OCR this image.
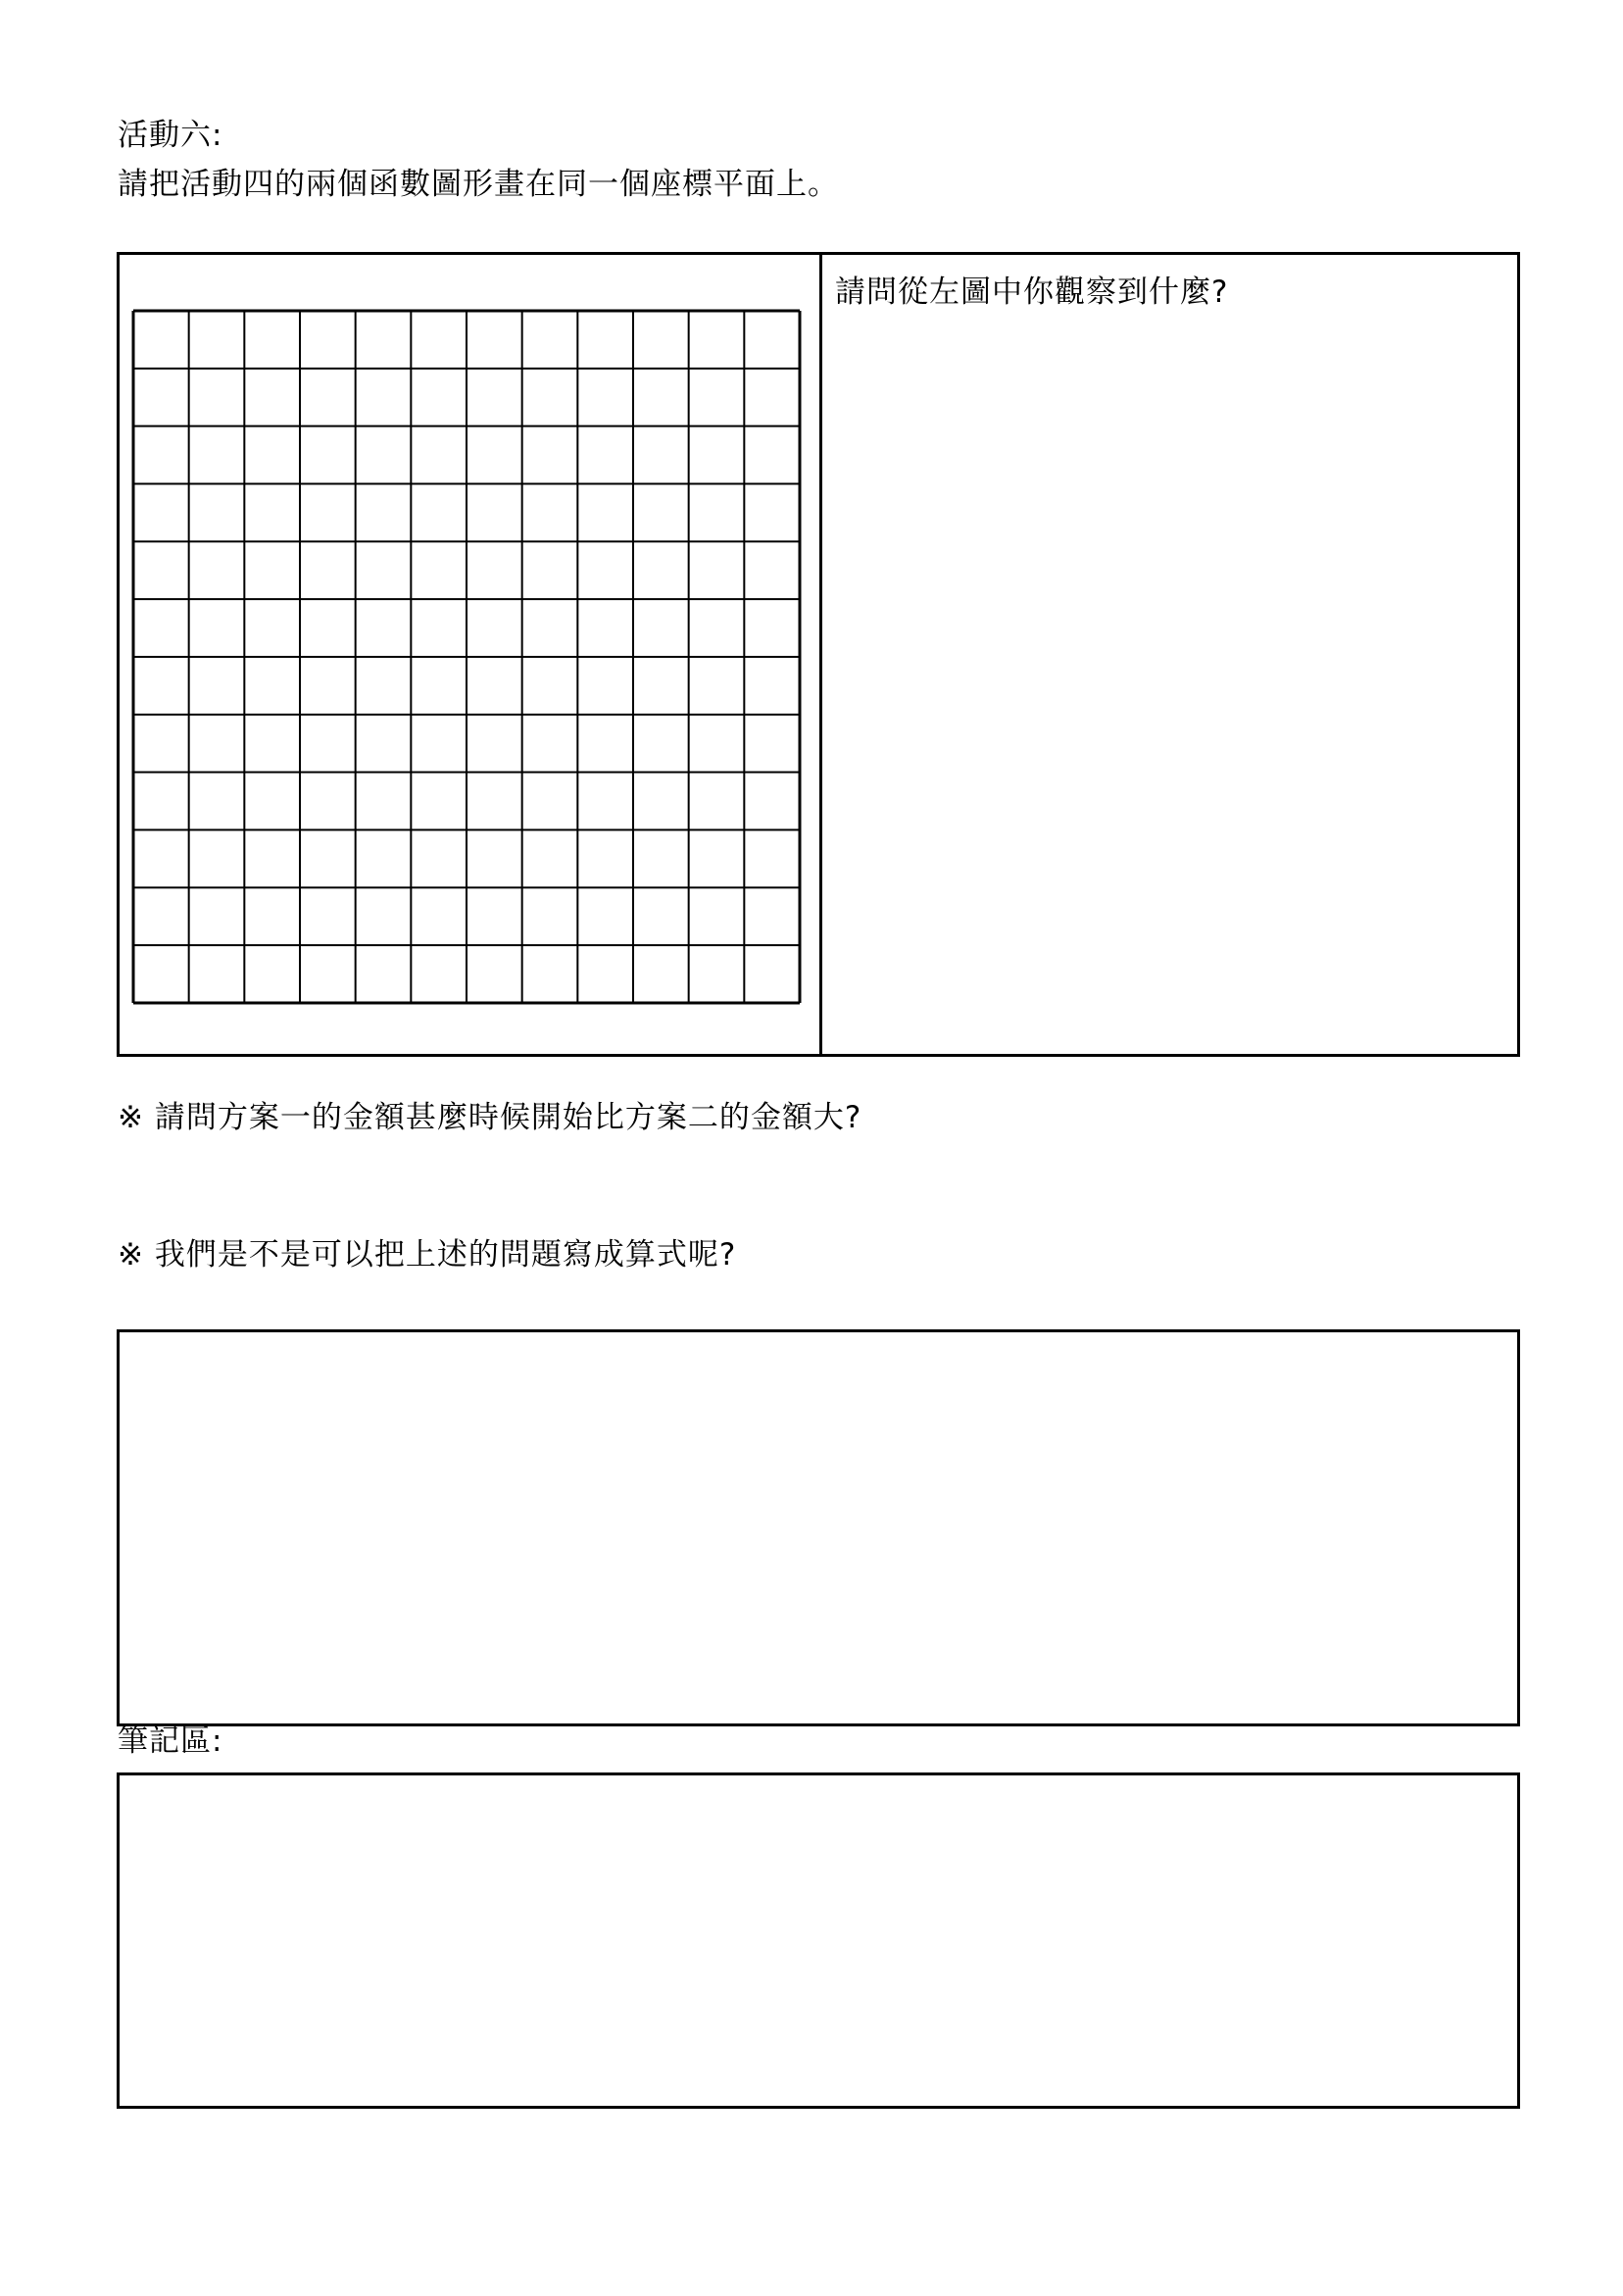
活動六:
請把活動四的兩個函數圖形畫在同一個座標平面上。
請問從左圖中你觀察到什麼?
※ 請問方案一的金額甚麼時候開始比方案二的金額大?
※ 我們是不是可以把上述的問題寫成算式呢?
筆記區:
